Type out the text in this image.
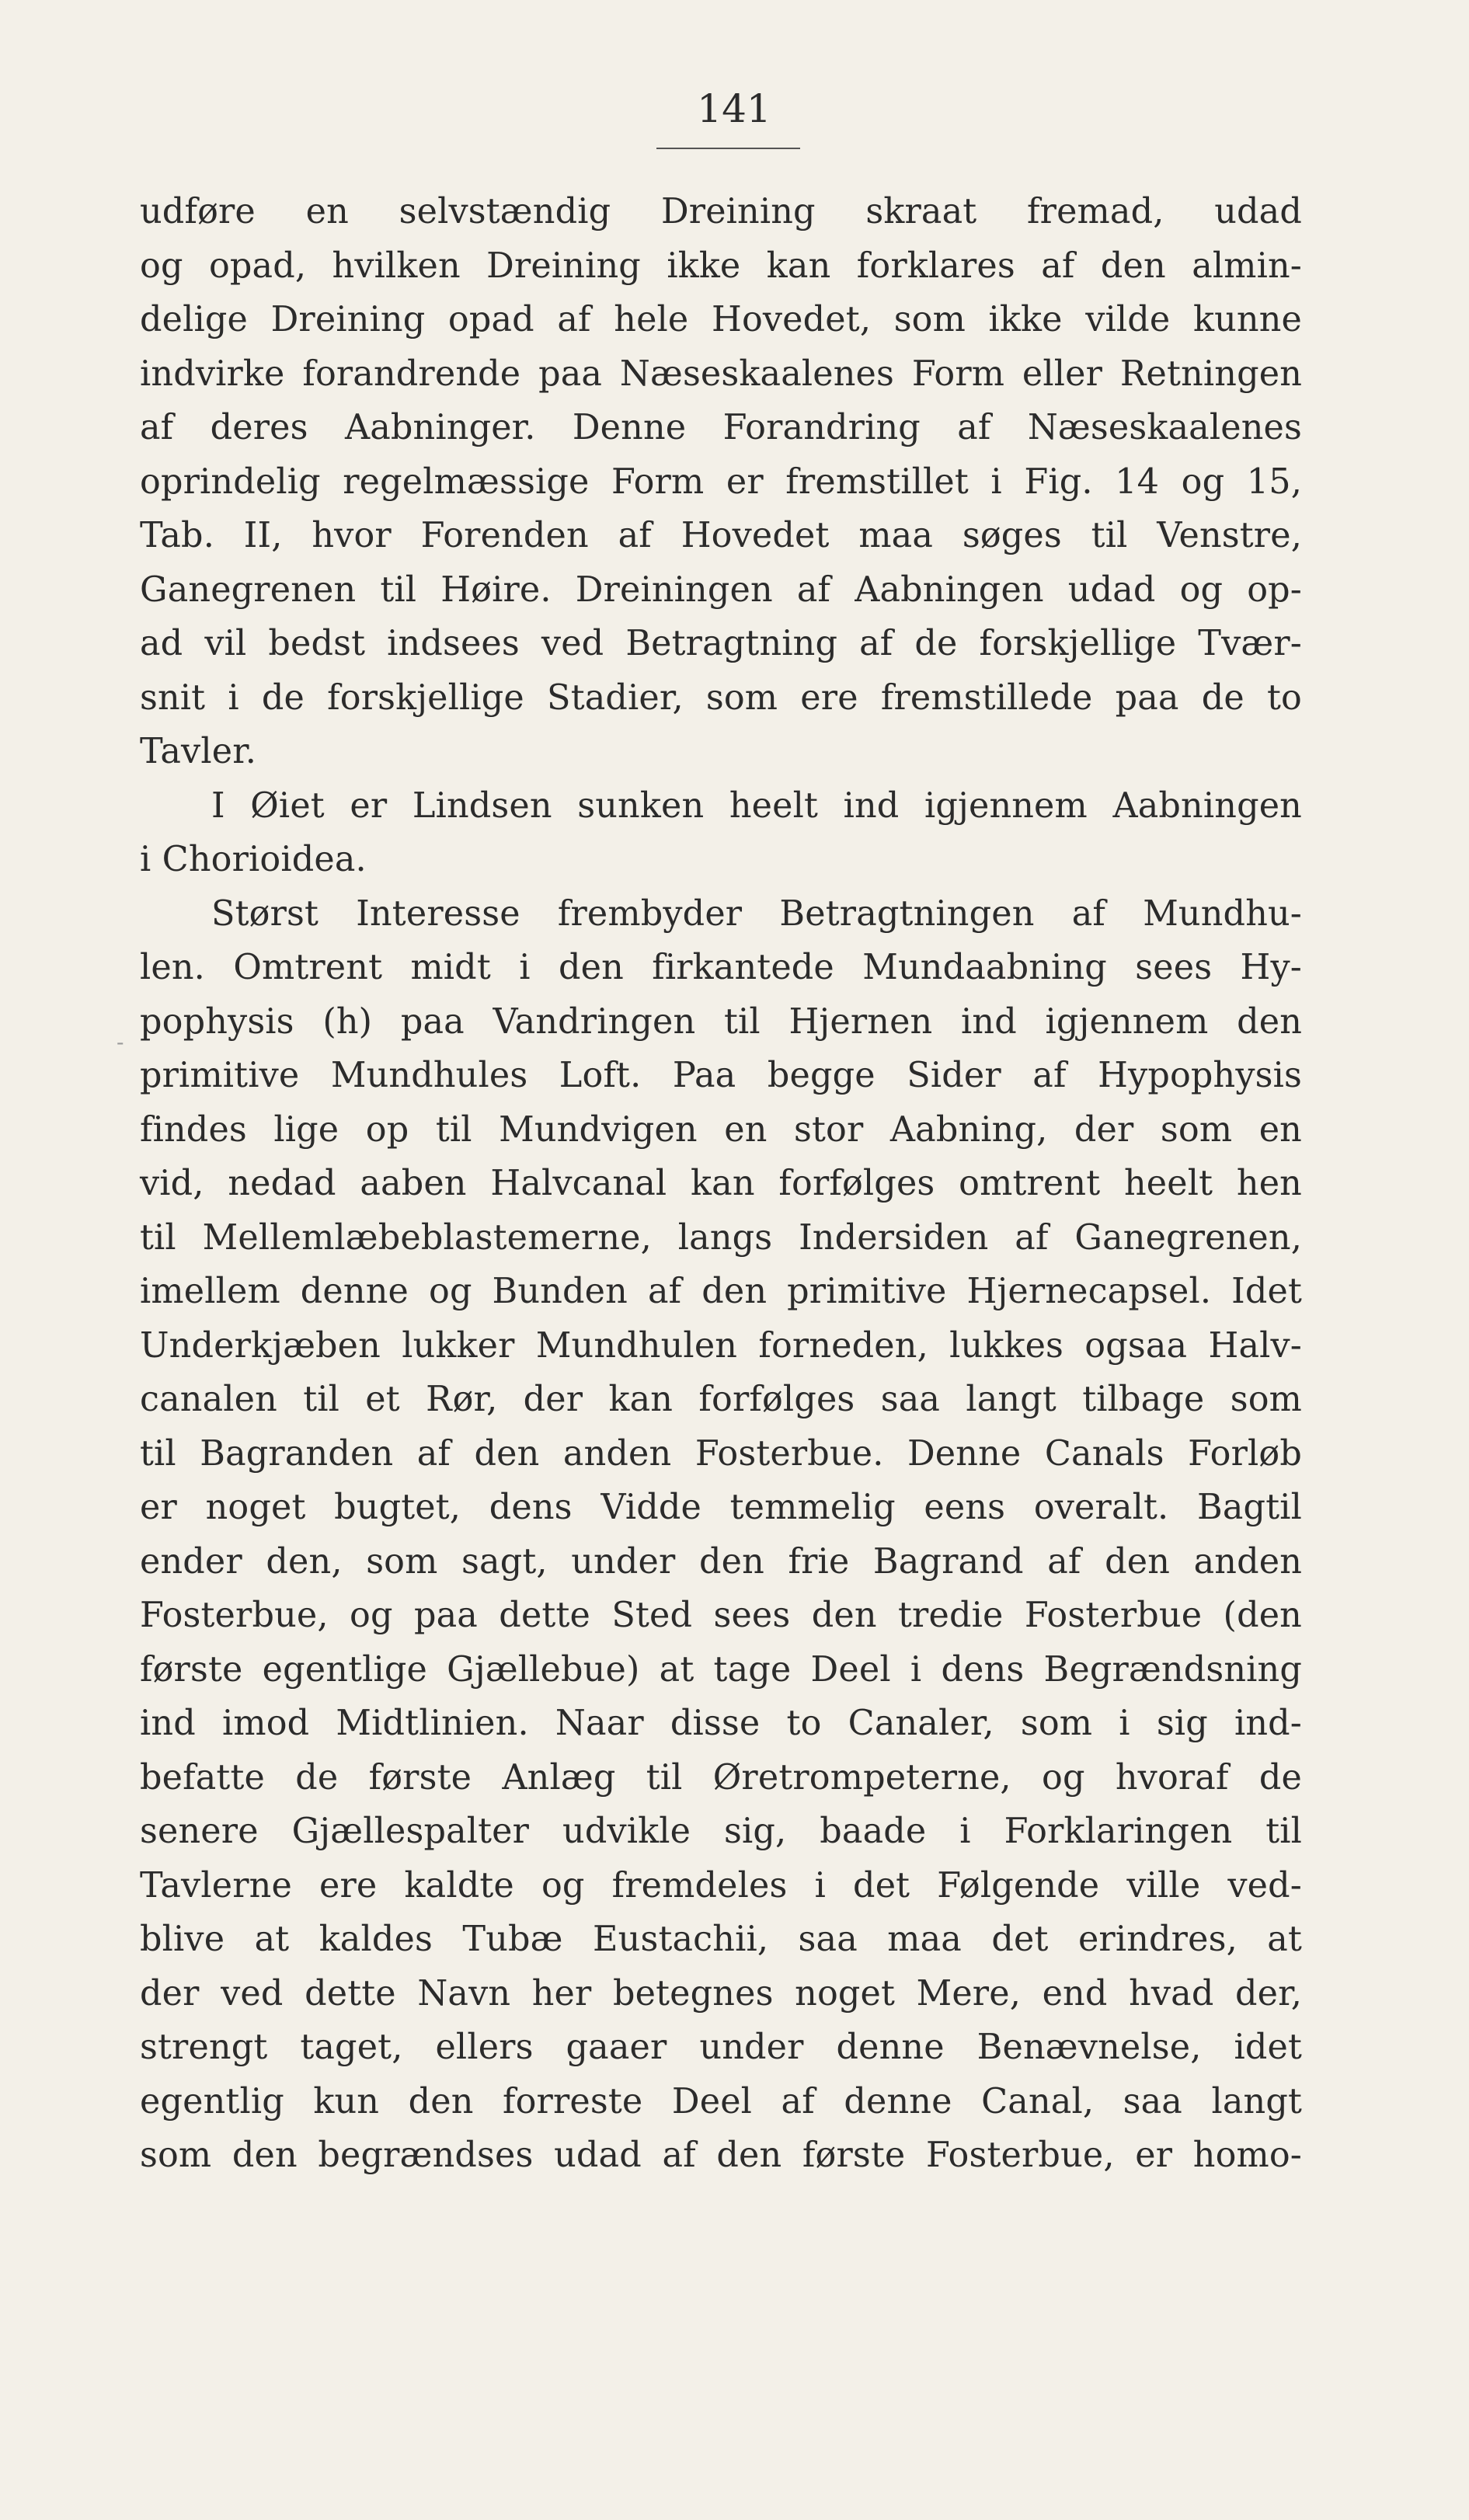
141
-
udføre en selvstændig Dreining skraat fremad, udad
og opad, hvilken Dreining ikke kan forklares af den almin-
delige Dreining opad af hele Hovedet, som ikke vilde kunne
indvirke forandrende paa Næseskaalenes Form eller Retningen
af deres Aabninger. Denne Forandring af Næseskaalenes
oprindelig regelmæssige Form er fremstillet i Fig. 14 og 15,
Tab. II, hvor Forenden af Hovedet maa søges til Venstre,
Ganegrenen til Høire. Dreiningen af Aabningen udad og op-
ad vil bedst indsees ved Betragtning af de forskjellige Tvær-
snit i de forskjellige Stadier, som ere fremstillede paa de to
Tavler.
I Øiet er Lindsen sunken heelt ind igjennem Aabningen
i Chorioidea.
Størst Interesse frembyder Betragtningen af Mundhu-
len. Omtrent midt i den firkantede Mundaabning sees Hy-
pophysis (h) paa Vandringen til Hjernen ind igjennem den
primitive Mundhules Loft. Paa begge Sider af Hypophysis
findes lige op til Mundvigen en stor Aabning, der som en
vid, nedad aaben Halvcanal kan forfølges omtrent heelt hen
til Mellemlæbeblastemerne, langs Indersiden af Ganegrenen,
imellem denne og Bunden af den primitive Hjernecapsel. Idet
Underkjæben lukker Mundhulen forneden, lukkes ogsaa Halv-
canalen til et Rør, der kan forfølges saa langt tilbage som
til Bagranden af den anden Fosterbue. Denne Canals Forløb
er noget bugtet, dens Vidde temmelig eens overalt. Bagtil
ender den, som sagt, under den frie Bagrand af den anden
Fosterbue, og paa dette Sted sees den tredie Fosterbue (den
første egentlige Gjællebue) at tage Deel i dens Begrændsning
ind imod Midtlinien. Naar disse to Canaler, som i sig ind-
befatte de første Anlæg til Øretrompeterne, og hvoraf de
senere Gjællespalter udvikle sig, baade i Forklaringen til
Tavlerne ere kaldte og fremdeles i det Følgende ville ved-
blive at kaldes Tubæ Eustachii, saa maa det erindres, at
der ved dette Navn her betegnes noget Mere, end hvad der,
strengt taget, ellers gaaer under denne Benævnelse, idet
egentlig kun den forreste Deel af denne Canal, saa langt
som den begrændses udad af den første Fosterbue, er homo-
